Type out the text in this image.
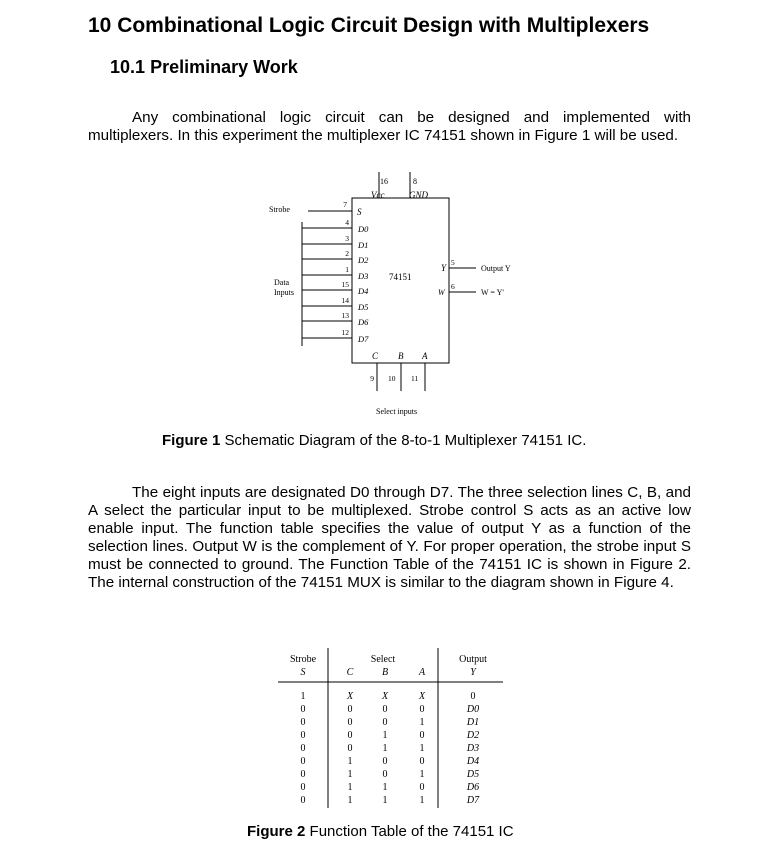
10 Combinational Logic Circuit Design with Multiplexers
10.1 Preliminary Work

Any combinational logic circuit can be designed and implemented with multiplexers. In this experiment the multiplexer IC 74151 shown in Figure 1 will be used.

4
D0
3
D1
2
D2
1
D3
15
D4
14
D5
13
D6
12
D7
16	8
Vcc	GND
Strobe
7
S
Data
Inputs
74151
Y
5
Output Y
W
6
W = Y'
C B A
9 10 11
Select inputs

Figure 1 Schematic Diagram of the 8-to-1 Multiplexer 74151 IC.

The eight inputs are designated D0 through D7. The three selection lines C, B, and A select the particular input to be multiplexed. Strobe control S acts as an active low enable input. The function table specifies the value of output Y as a function of the selection lines. Output W is the complement of Y. For proper operation, the strobe input S must be connected to ground. The Function Table of the 74151 IC is shown in Figure 2. The internal construction of the 74151 MUX is similar to the diagram shown in Figure 4.

Strobe
S
Select
C	B	A
Output
Y
1	X	X	X	0
0	0	0	0	D0
0	0	0	1	D1
0	0	1	0	D2
0	0	1	1	D3
0	1	0	0	D4
0	1	0	1	D5
0	1	1	0	D6
0	1	1	1	D7

Figure 2 Function Table of the 74151 IC
